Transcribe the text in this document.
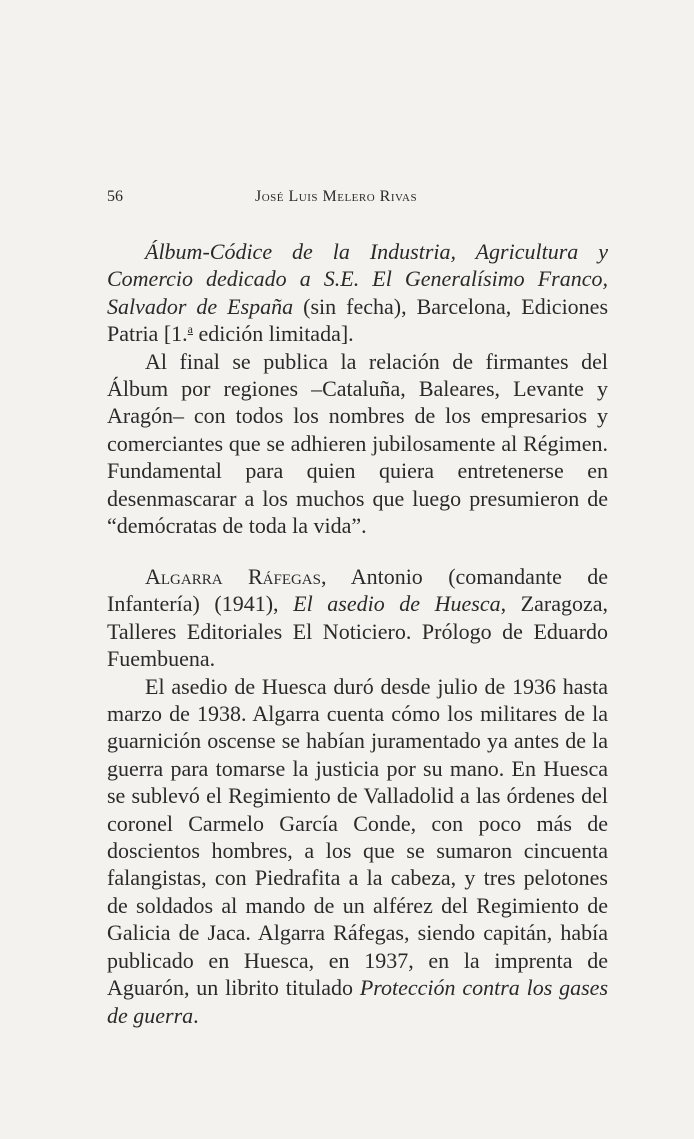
56	José Luis Melero Rivas

Álbum-Códice de la Industria, Agricultura y Comercio dedicado a S.E. El Generalísimo Franco, Salvador de España (sin fecha), Barcelona, Ediciones Patria [1.$^a$ edición limitada].

Al final se publica la relación de firmantes del Álbum por regiones –Cataluña, Baleares, Levante y Aragón– con todos los nombres de los empresarios y comerciantes que se adhieren jubilosamente al Régimen. Fundamental para quien quiera entretenerse en desenmascarar a los muchos que luego presumieron de “demócratas de toda la vida”.

Algarra Ráfegas, Antonio (comandante de Infantería) (1941), El asedio de Huesca, Zaragoza, Talleres Editoriales El Noticiero. Prólogo de Eduardo Fuembuena.

El asedio de Huesca duró desde julio de 1936 hasta marzo de 1938. Algarra cuenta cómo los militares de la guarnición oscense se habían juramentado ya antes de la guerra para tomarse la justicia por su mano. En Huesca se sublevó el Regimiento de Valladolid a las órdenes del coronel Carmelo García Conde, con poco más de doscientos hombres, a los que se sumaron cincuenta falangistas, con Piedrafita a la cabeza, y tres pelotones de soldados al mando de un alférez del Regimiento de Galicia de Jaca. Algarra Ráfegas, siendo capitán, había publicado en Huesca, en 1937, en la imprenta de Aguarón, un librito titulado Protección contra los gases de guerra.
